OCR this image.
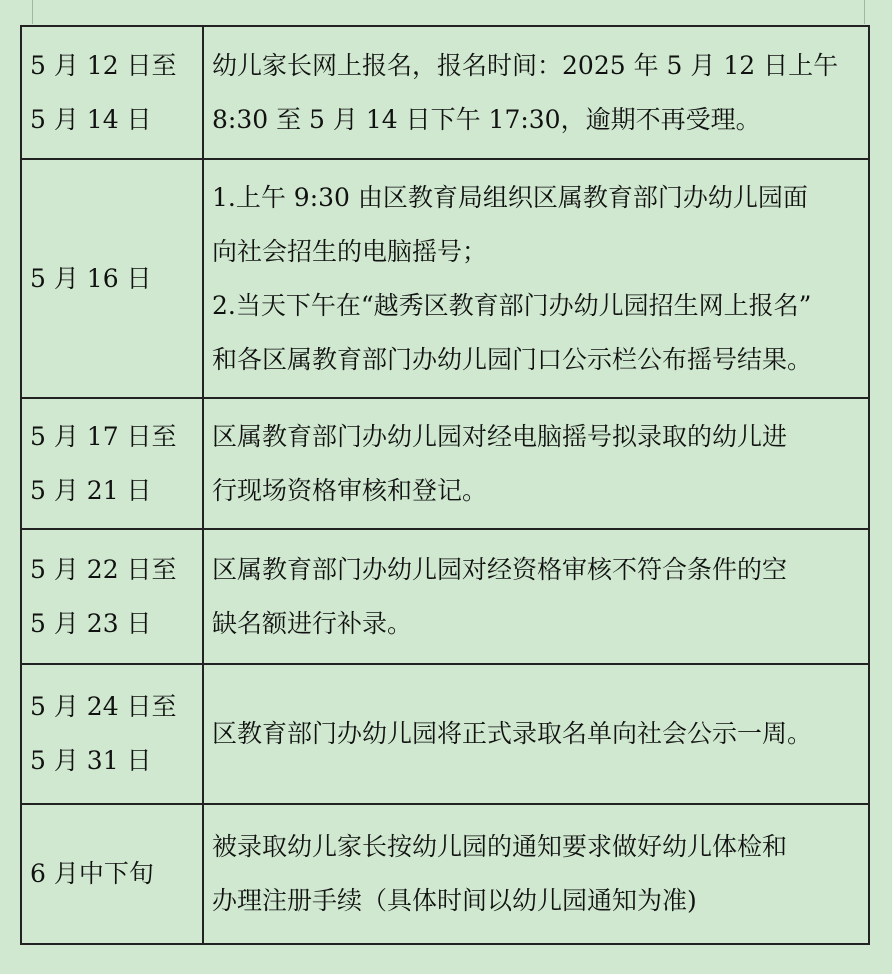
5 月 12 日至
5 月 14 日	幼儿家长网上报名，报名时间：2025 年 5 月 12 日上午
8:30 至 5 月 14 日下午 17:30，逾期不再受理。

5 月 16 日	1.上午 9:30 由区教育局组织区属教育部门办幼儿园面
向社会招生的电脑摇号；
2.当天下午在“越秀区教育部门办幼儿园招生网上报名”
和各区属教育部门办幼儿园门口公示栏公布摇号结果。

5 月 17 日至
5 月 21 日	区属教育部门办幼儿园对经电脑摇号拟录取的幼儿进
行现场资格审核和登记。

5 月 22 日至
5 月 23 日	区属教育部门办幼儿园对经资格审核不符合条件的空
缺名额进行补录。

5 月 24 日至
5 月 31 日	区教育部门办幼儿园将正式录取名单向社会公示一周。

6 月中下旬	被录取幼儿家长按幼儿园的通知要求做好幼儿体检和
办理注册手续（具体时间以幼儿园通知为准)
